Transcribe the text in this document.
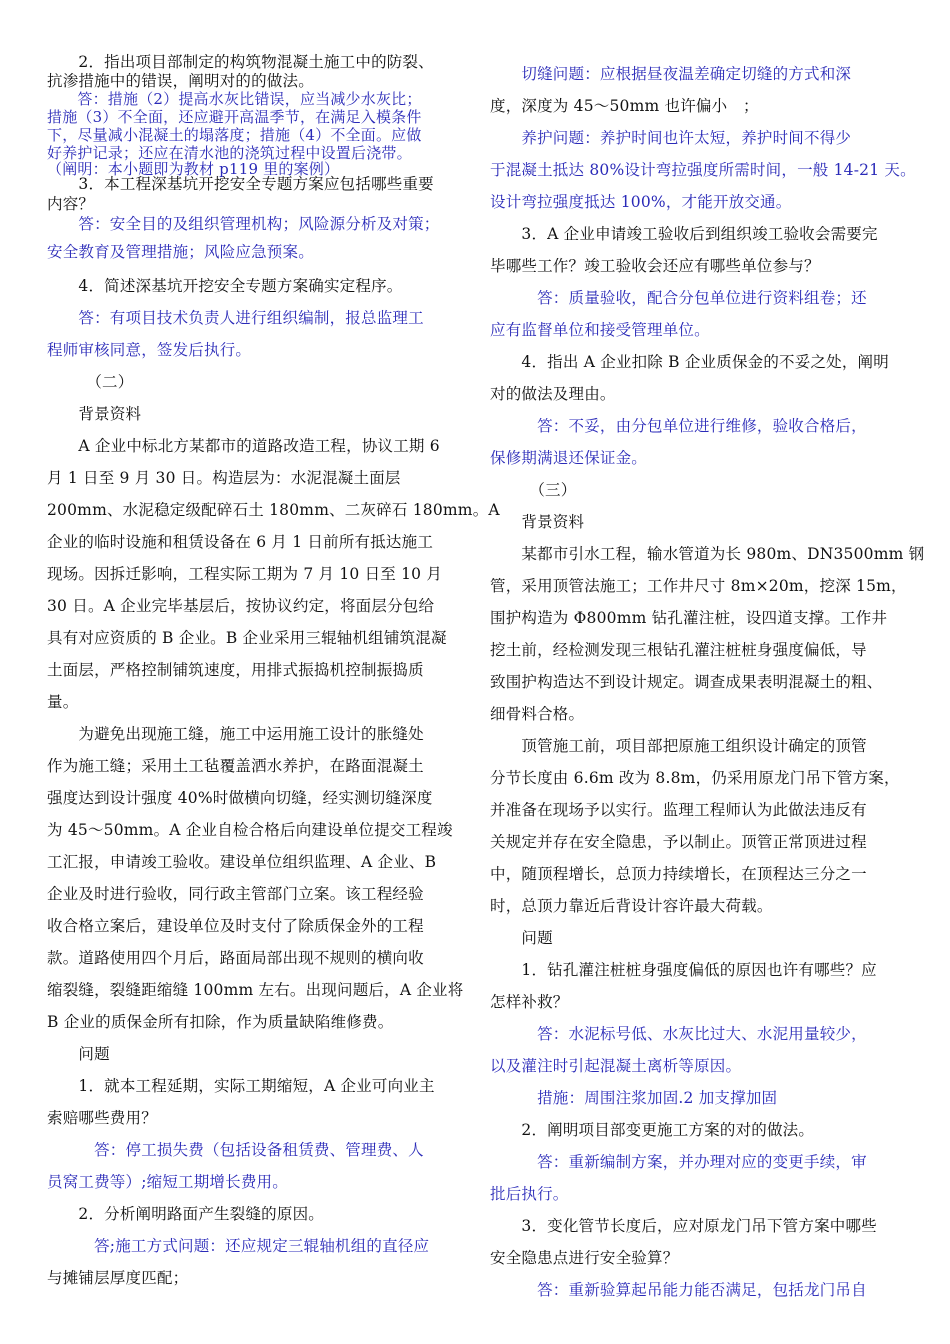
　　2．指出项目部制定的构筑物混凝土施工中的防裂、

抗渗措施中的错误，阐明对的的做法。

　　答：措施（2）提高水灰比错误，应当减少水灰比；

措施（3）不全面，还应避开高温季节，在满足入模条件

下，尽量减小混凝土的塌落度；措施（4）不全面。应做

好养护记录；还应在清水池的浇筑过程中设置后浇带。

（阐明：本小题即为教材 p119 里的案例）

　　3．本工程深基坑开挖安全专题方案应包括哪些重要

内容？

　　答：安全目的及组织管理机构；风险源分析及对策；

安全教育及管理措施；风险应急预案。

　　4．简述深基坑开挖安全专题方案确实定程序。

　　答：有项目技术负责人进行组织编制，报总监理工

程师审核同意，签发后执行。

　　　（二）

　　背景资料

　　A 企业中标北方某都市的道路改造工程，协议工期 6

月 1 日至 9 月 30 日。构造层为：水泥混凝土面层

200mm、水泥稳定级配碎石土 180mm、二灰碎石 180mm。A

企业的临时设施和租赁设备在 6 月 1 日前所有抵达施工

现场。因拆迁影响，工程实际工期为 7 月 10 日至 10 月

30 日。A 企业完毕基层后，按协议约定，将面层分包给

具有对应资质的 B 企业。B 企业采用三辊轴机组铺筑混凝

土面层，严格控制铺筑速度，用排式振捣机控制振捣质

量。

　　为避免出现施工缝，施工中运用施工设计的胀缝处

作为施工缝；采用土工毡覆盖洒水养护，在路面混凝土

强度达到设计强度 40%时做横向切缝，经实测切缝深度

为 45～50mm。A 企业自检合格后向建设单位提交工程竣

工汇报，申请竣工验收。建设单位组织监理、A 企业、B

企业及时进行验收，同行政主管部门立案。该工程经验

收合格立案后，建设单位及时支付了除质保金外的工程

款。道路使用四个月后，路面局部出现不规则的横向收

缩裂缝，裂缝距缩缝 100mm 左右。出现问题后，A 企业将

B 企业的质保金所有扣除，作为质量缺陷维修费。

　　问题

　　1．就本工程延期，实际工期缩短，A 企业可向业主

索赔哪些费用？

　　　答：停工损失费（包括设备租赁费、管理费、人

员窝工费等）;缩短工期增长费用。

　　2．分析阐明路面产生裂缝的原因。

　　　答;施工方式问题：还应规定三辊轴机组的直径应

与摊铺层厚度匹配；

　　切缝问题：应根据昼夜温差确定切缝的方式和深

度，深度为 45～50mm 也许偏小　；

　　养护问题：养护时间也许太短，养护时间不得少

于混凝土抵达 80%设计弯拉强度所需时间，一般 14-21 天。

设计弯拉强度抵达 100%，才能开放交通。

　　3．A 企业申请竣工验收后到组织竣工验收会需要完

毕哪些工作？竣工验收会还应有哪些单位参与？

　　　答：质量验收，配合分包单位进行资料组卷；还

应有监督单位和接受管理单位。

　　4．指出 A 企业扣除 B 企业质保金的不妥之处，阐明

对的做法及理由。

　　　答：不妥，由分包单位进行维修，验收合格后，

保修期满退还保证金。

　　　（三）

　　背景资料

　　某都市引水工程，输水管道为长 980m、DN3500mm 钢

管，采用顶管法施工；工作井尺寸 8m×20m，挖深 15m，

围护构造为 Φ800mm 钻孔灌注桩，设四道支撑。工作井

挖土前，经检测发现三根钻孔灌注桩桩身强度偏低，导

致围护构造达不到设计规定。调查成果表明混凝土的粗、

细骨料合格。

　　顶管施工前，项目部把原施工组织设计确定的顶管

分节长度由 6.6m 改为 8.8m，仍采用原龙门吊下管方案，

并准备在现场予以实行。监理工程师认为此做法违反有

关规定并存在安全隐患，予以制止。顶管正常顶进过程

中，随顶程增长，总顶力持续增长，在顶程达三分之一

时，总顶力靠近后背设计容许最大荷载。

　　问题

　　1．钻孔灌注桩桩身强度偏低的原因也许有哪些？应

怎样补救？

　　　答：水泥标号低、水灰比过大、水泥用量较少，

以及灌注时引起混凝土离析等原因。

　　　措施：周围注浆加固.2 加支撑加固

　　2．阐明项目部变更施工方案的对的做法。

　　　答：重新编制方案，并办理对应的变更手续，审

批后执行。

　　3．变化管节长度后，应对原龙门吊下管方案中哪些

安全隐患点进行安全验算？

　　　答：重新验算起吊能力能否满足，包括龙门吊自
